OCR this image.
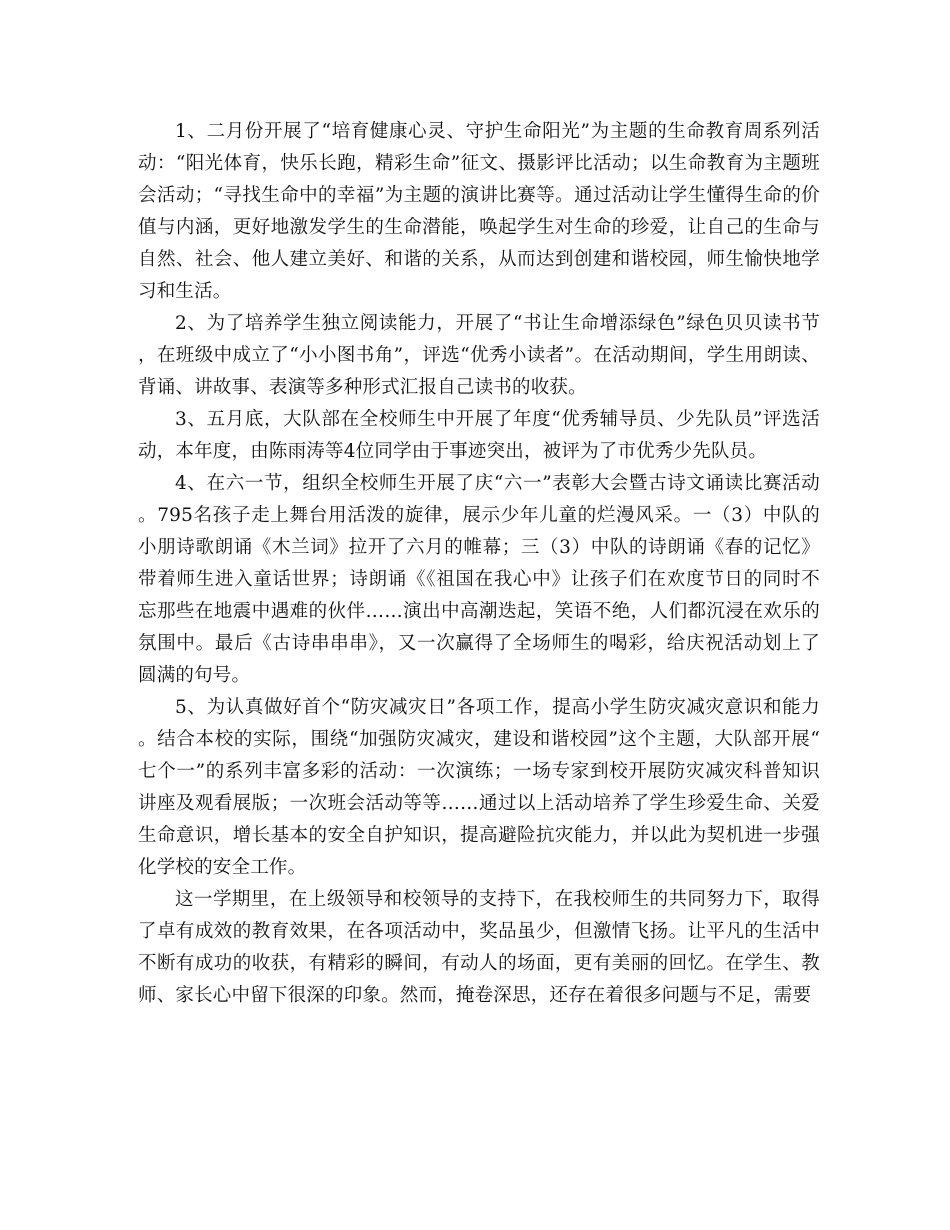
1、二月份开展了“培育健康心灵、守护生命阳光”为主题的生命教育周系列活动：“阳光体育，快乐长跑，精彩生命”征文、摄影评比活动；以生命教育为主题班会活动；“寻找生命中的幸福”为主题的演讲比赛等。通过活动让学生懂得生命的价值与内涵，更好地激发学生的生命潜能，唤起学生对生命的珍爱，让自己的生命与自然、社会、他人建立美好、和谐的关系，从而达到创建和谐校园，师生愉快地学习和生活。

2、为了培养学生独立阅读能力，开展了“书让生命增添绿色”绿色贝贝读书节，在班级中成立了“小小图书角”，评选“优秀小读者”。在活动期间，学生用朗读、背诵、讲故事、表演等多种形式汇报自己读书的收获。

3、五月底，大队部在全校师生中开展了年度“优秀辅导员、少先队员”评选活动，本年度，由陈雨涛等4位同学由于事迹突出，被评为了市优秀少先队员。

4、在六一节，组织全校师生开展了庆“六一”表彰大会暨古诗文诵读比赛活动。795名孩子走上舞台用活泼的旋律，展示少年儿童的烂漫风采。一（3）中队的小朋诗歌朗诵《木兰词》拉开了六月的帷幕；三（3）中队的诗朗诵《春的记忆》带着师生进入童话世界；诗朗诵《《祖国在我心中》让孩子们在欢度节日的同时不忘那些在地震中遇难的伙伴……演出中高潮迭起，笑语不绝，人们都沉浸在欢乐的氛围中。最后《古诗串串串》，又一次赢得了全场师生的喝彩，给庆祝活动划上了圆满的句号。

5、为认真做好首个“防灾减灾日”各项工作，提高小学生防灾减灾意识和能力。结合本校的实际，围绕“加强防灾减灾，建设和谐校园”这个主题，大队部开展“七个一”的系列丰富多彩的活动：一次演练；一场专家到校开展防灾减灾科普知识讲座及观看展版；一次班会活动等等……通过以上活动培养了学生珍爱生命、关爱生命意识，增长基本的安全自护知识，提高避险抗灾能力，并以此为契机进一步强化学校的安全工作。

这一学期里，在上级领导和校领导的支持下，在我校师生的共同努力下，取得了卓有成效的教育效果，在各项活动中，奖品虽少，但激情飞扬。让平凡的生活中不断有成功的收获，有精彩的瞬间，有动人的场面，更有美丽的回忆。在学生、教师、家长心中留下很深的印象。然而，掩卷深思，还存在着很多问题与不足，需要
